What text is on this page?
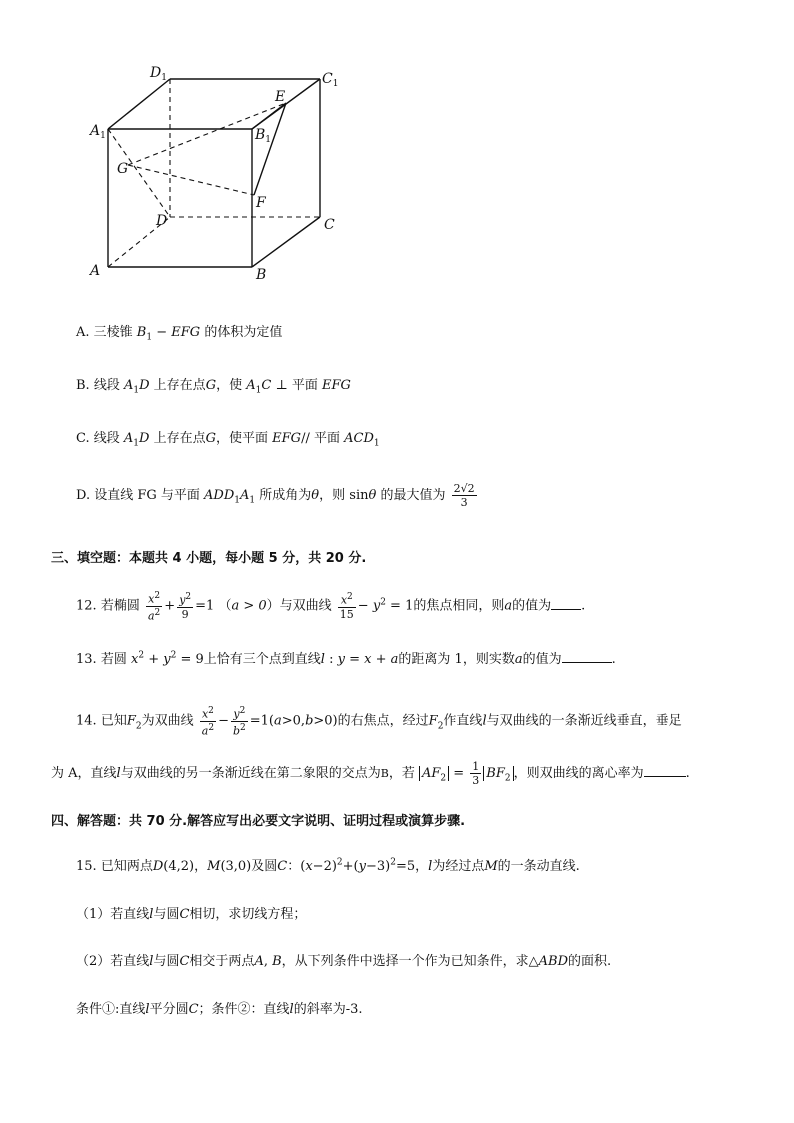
$D_1$	$C_1$
$A_1$	$B_1$
E
G
F
D	C
A	B
A. 三棱锥 $B_1$ − EFG 的体积为定值
B. 线段 $A_1D$ 上存在点G，使 $A_1C$ ⊥ 平面 EFG
C. 线段 $A_1D$ 上存在点G，使平面 EFG// 平面 $ACD_1$
D. 设直线 FG 与平面 $ADD_1A_1$ 所成角为θ，则 sinθ 的最大值为 $\frac{2√2}{3}$
三、填空题：本题共 4 小题，每小题 5 分，共 20 分.
12. 若椭圆 $\frac{x^2}{a^2} + \frac{y^2}{9} =1$ （a > 0）与双曲线 $\frac{x^2}{15} - y^2 = 1$的焦点相同，则a的值为 .
13. 若圆 $x^2 + y^2 = 9$上恰有三个点到直线l : y = x + a的距离为 1，则实数a的值为	.
14. 已知$F_2$为双曲线 $\frac{x^2}{a^2} - \frac{y^2}{b^2} =1(a>0,b>0)$的右焦点，经过$F_2$作直线l与双曲线的一条渐近线垂直，垂足
为 A，直线l与双曲线的另一条渐近线在第二象限的交点为B，若 $AF_2 = \frac{1}{3} BF_2$ ，则双曲线的离心率为	.
四、解答题：共 70 分.解答应写出必要文字说明、证明过程或演算步骤.
15. 已知两点D(4,2)，M(3,0)及圆C：$(x-2)^2+(y-3)^2=5$，l为经过点M的一条动直线.
（1）若直线l与圆C相切，求切线方程；
（2）若直线l与圆C相交于两点A, B，从下列条件中选择一个作为已知条件，求△ABD的面积.
条件①:直线l平分圆C；条件②：直线l的斜率为-3.
